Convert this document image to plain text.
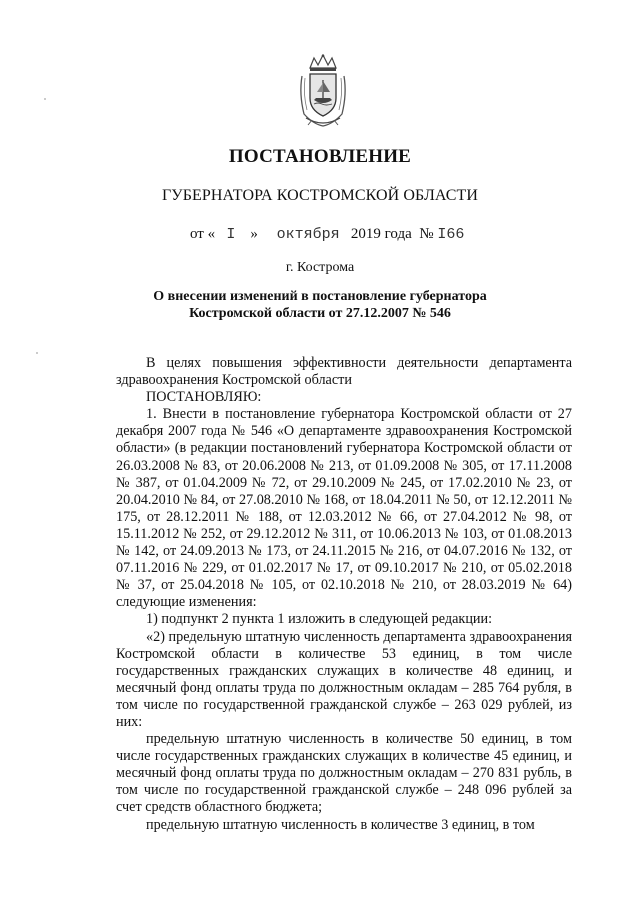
ПОСТАНОВЛЕНИЕ
ГУБЕРНАТОРА КОСТРОМСКОЙ ОБЛАСТИ
от « I » октября 2019 года № I66
г. Кострома
О внесении изменений в постановление губернатора
Костромской области от 27.12.2007 № 546

В целях повышения эффективности деятельности департамента здравоохранения Костромской области

ПОСТАНОВЛЯЮ:

1. Внести в постановление губернатора Костромской области от 27 декабря 2007 года № 546 «О департаменте здравоохранения Костромской области» (в редакции постановлений губернатора Костромской области от 26.03.2008 № 83, от 20.06.2008 № 213, от 01.09.2008 № 305, от 17.11.2008 № 387, от 01.04.2009 № 72, от 29.10.2009 № 245, от 17.02.2010 № 23, от 20.04.2010 № 84, от 27.08.2010 № 168, от 18.04.2011 № 50, от 12.12.2011 № 175, от 28.12.2011 № 188, от 12.03.2012 № 66, от 27.04.2012 № 98, от 15.11.2012 № 252, от 29.12.2012 № 311, от 10.06.2013 № 103, от 01.08.2013 № 142, от 24.09.2013 № 173, от 24.11.2015 № 216, от 04.07.2016 № 132, от 07.11.2016 № 229, от 01.02.2017 № 17, от 09.10.2017 № 210, от 05.02.2018 № 37, от 25.04.2018 № 105, от 02.10.2018 № 210, от 28.03.2019 № 64) следующие изменения:

1) подпункт 2 пункта 1 изложить в следующей редакции:

«2) предельную штатную численность департамента здравоохранения Костромской области в количестве 53 единиц, в том числе государственных гражданских служащих в количестве 48 единиц, и месячный фонд оплаты труда по должностным окладам – 285 764 рубля, в том числе по государственной гражданской службе – 263 029 рублей, из них:

предельную штатную численность в количестве 50 единиц, в том числе государственных гражданских служащих в количестве 45 единиц, и месячный фонд оплаты труда по должностным окладам – 270 831 рубль, в том числе по государственной гражданской службе – 248 096 рублей за счет средств областного бюджета;

предельную штатную численность в количестве 3 единиц, в том
